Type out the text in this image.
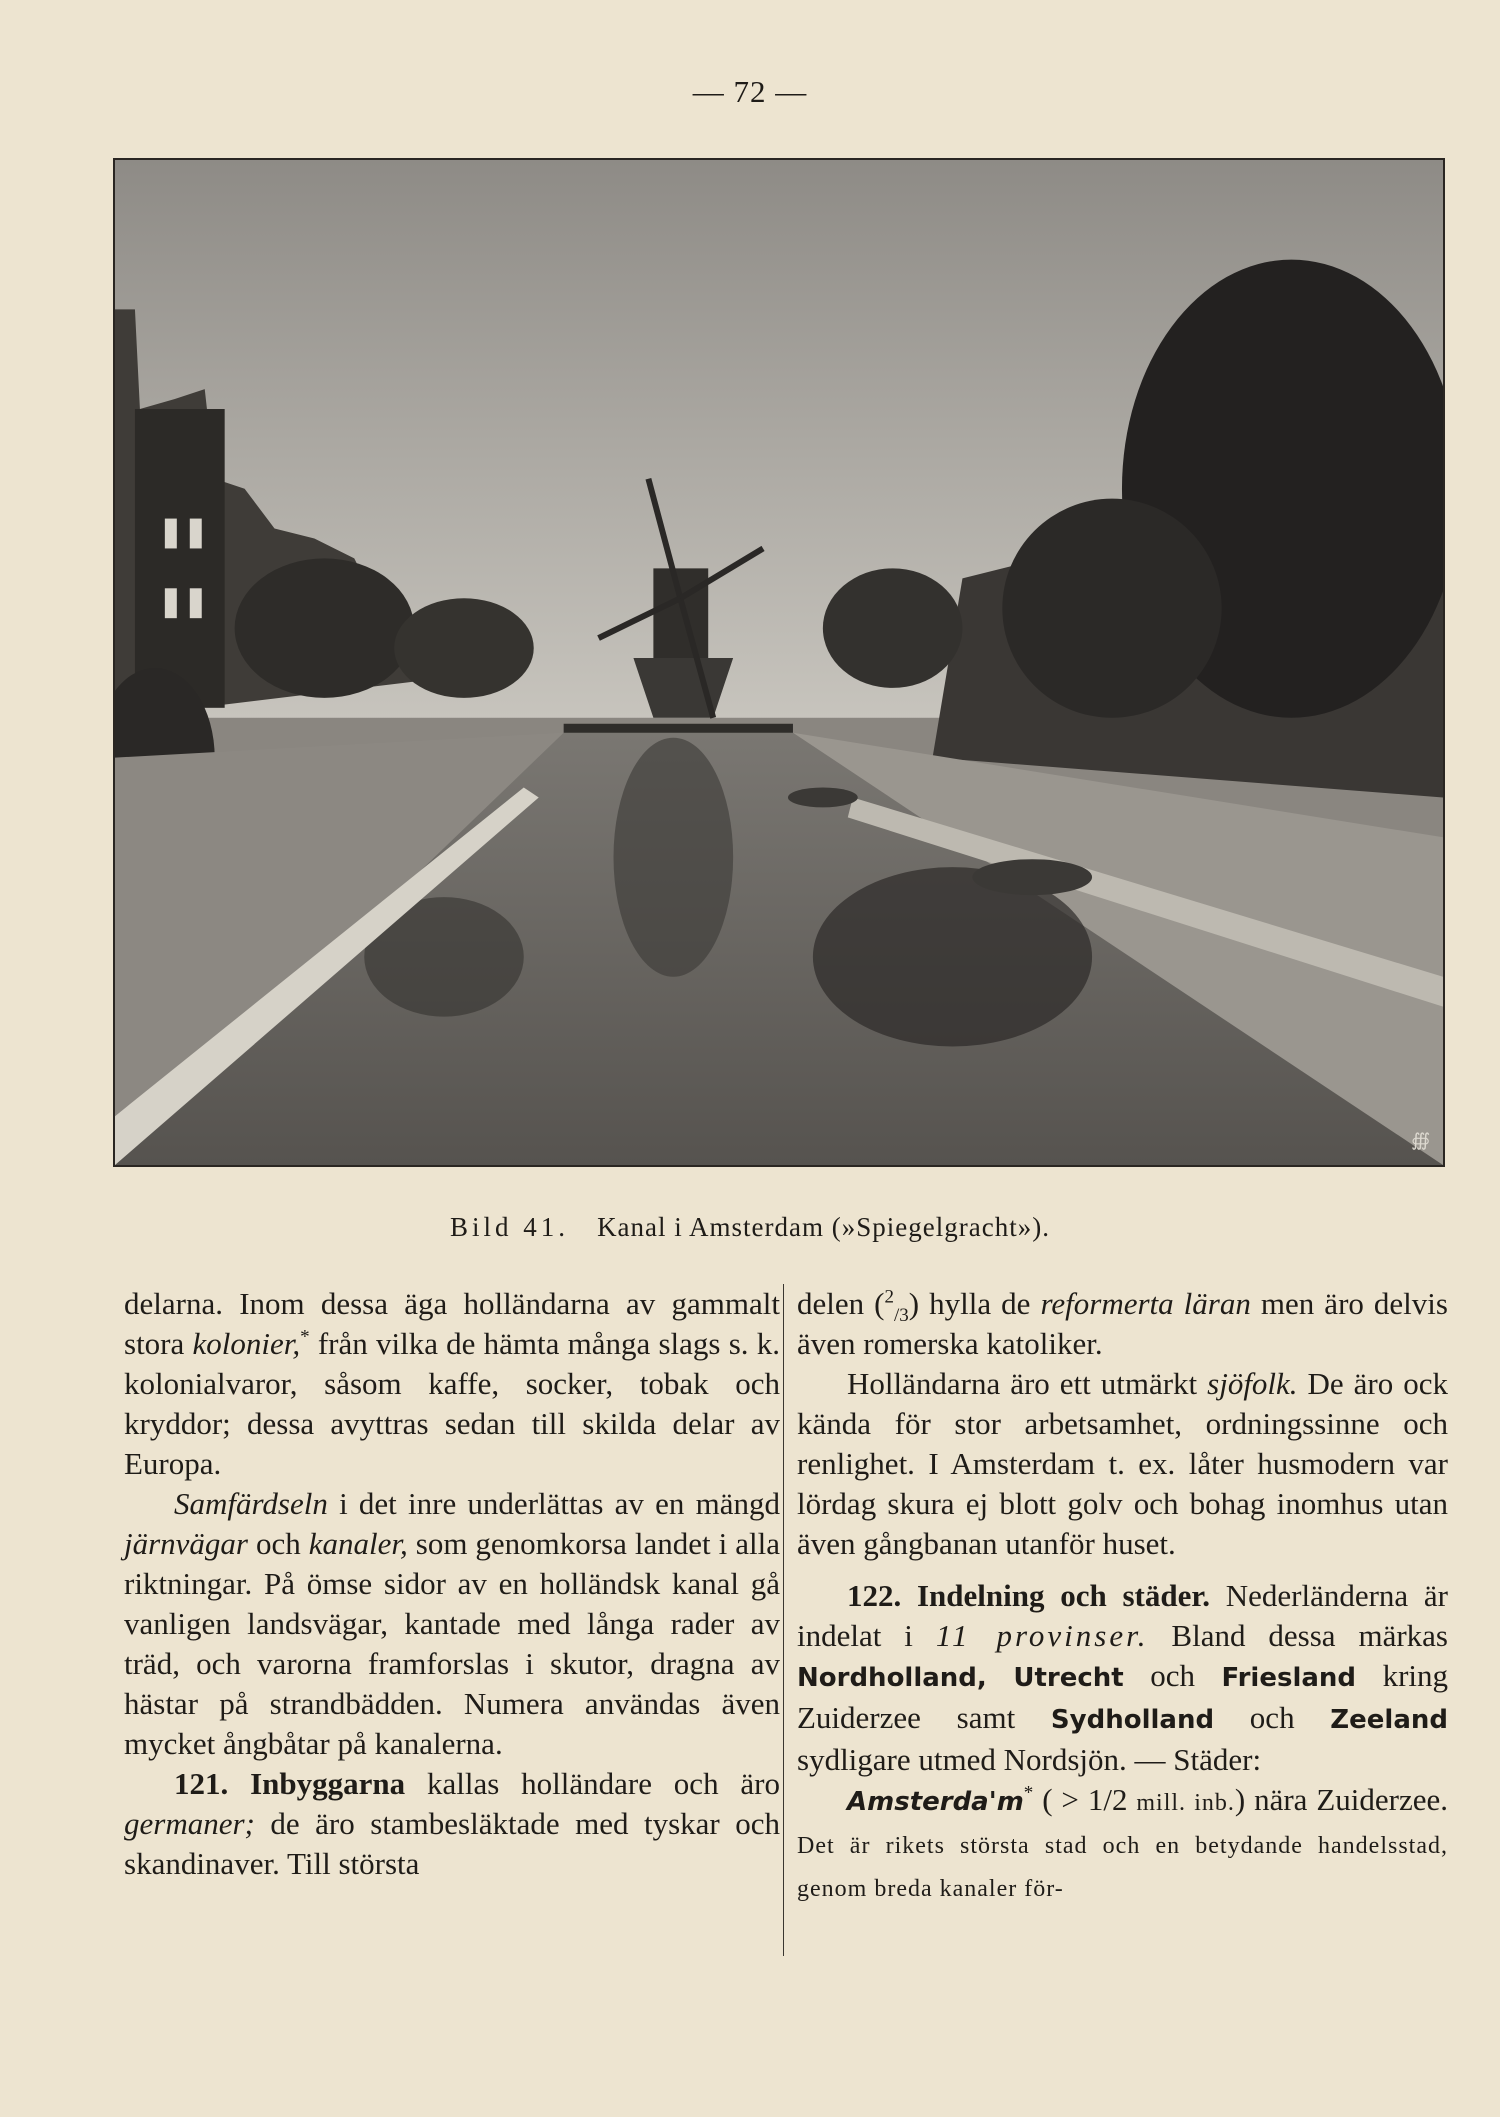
— 72 —
∰
Bild 41. Kanal i Amsterdam (»Spiegelgracht»).

delarna. Inom dessa äga holländarna av gammalt stora kolonier,* från vilka de hämta många slags s. k. kolonialvaror, såsom kaffe, socker, tobak och kryddor; dessa avyttras sedan till skilda delar av Europa.

Samfärdseln i det inre underlättas av en mängd järnvägar och kanaler, som genomkorsa landet i alla riktningar. På ömse sidor av en holländsk kanal gå vanligen landsvägar, kantade med långa rader av träd, och varorna framforslas i skutor, dragna av hästar på strandbädden. Numera användas även mycket ångbåtar på kanalerna.

121. Inbyggarna kallas holländare och äro germaner; de äro stambesläktade med tyskar och skandinaver. Till största

delen ($^2_{/3}$) hylla de reformerta läran men äro delvis även romerska katoliker.

Holländarna äro ett utmärkt sjöfolk. De äro ock kända för stor arbetsamhet, ordningssinne och renlighet. I Amsterdam t. ex. låter husmodern var lördag skura ej blott golv och bohag inomhus utan även gångbanan utanför huset.

122. Indelning och städer. Nederländerna är indelat i 11 provinser. Bland dessa märkas Nordholland, Utrecht och Friesland kring Zuiderzee samt Sydholland och Zeeland sydligare utmed Nordsjön. — Städer:

Amsterda'm* ( > 1/2 mill. inb.) nära Zuiderzee. Det är rikets största stad och en betydande handelsstad, genom breda kanaler för-
